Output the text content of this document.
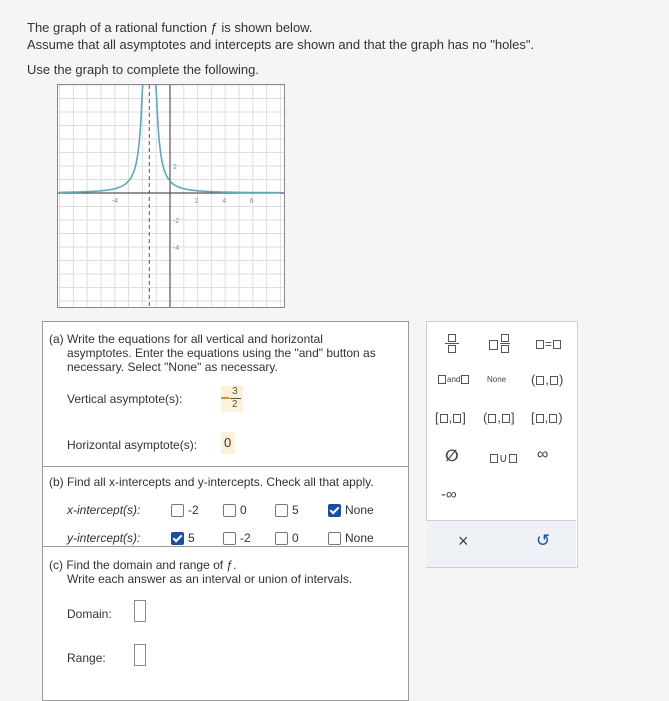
The graph of a rational function ƒ is shown below.
Assume that all asymptotes and intercepts are shown and that the graph has no "holes".
Use the graph to complete the following.
2
-2
-4
-4	2	4	6
(a) Write the equations for all vertical and horizontal
asymptotes. Enter the equations using the "and" button as
necessary. Select "None" as necessary.
Vertical asymptote(s):
3
2
Horizontal asymptote(s): 0
(b) Find all x-intercepts and y-intercepts. Check all that apply.
x-intercept(s):	-2	0	5	None
y-intercept(s):	5	-2	0	None
(c) Find the domain and range of ƒ.
Write each answer as an interval or union of intervals.
Domain:
Range:
=
and	None ( , )
[ , ] ( , ] [ , )
∅	∪	∞
-∞
×	↺
